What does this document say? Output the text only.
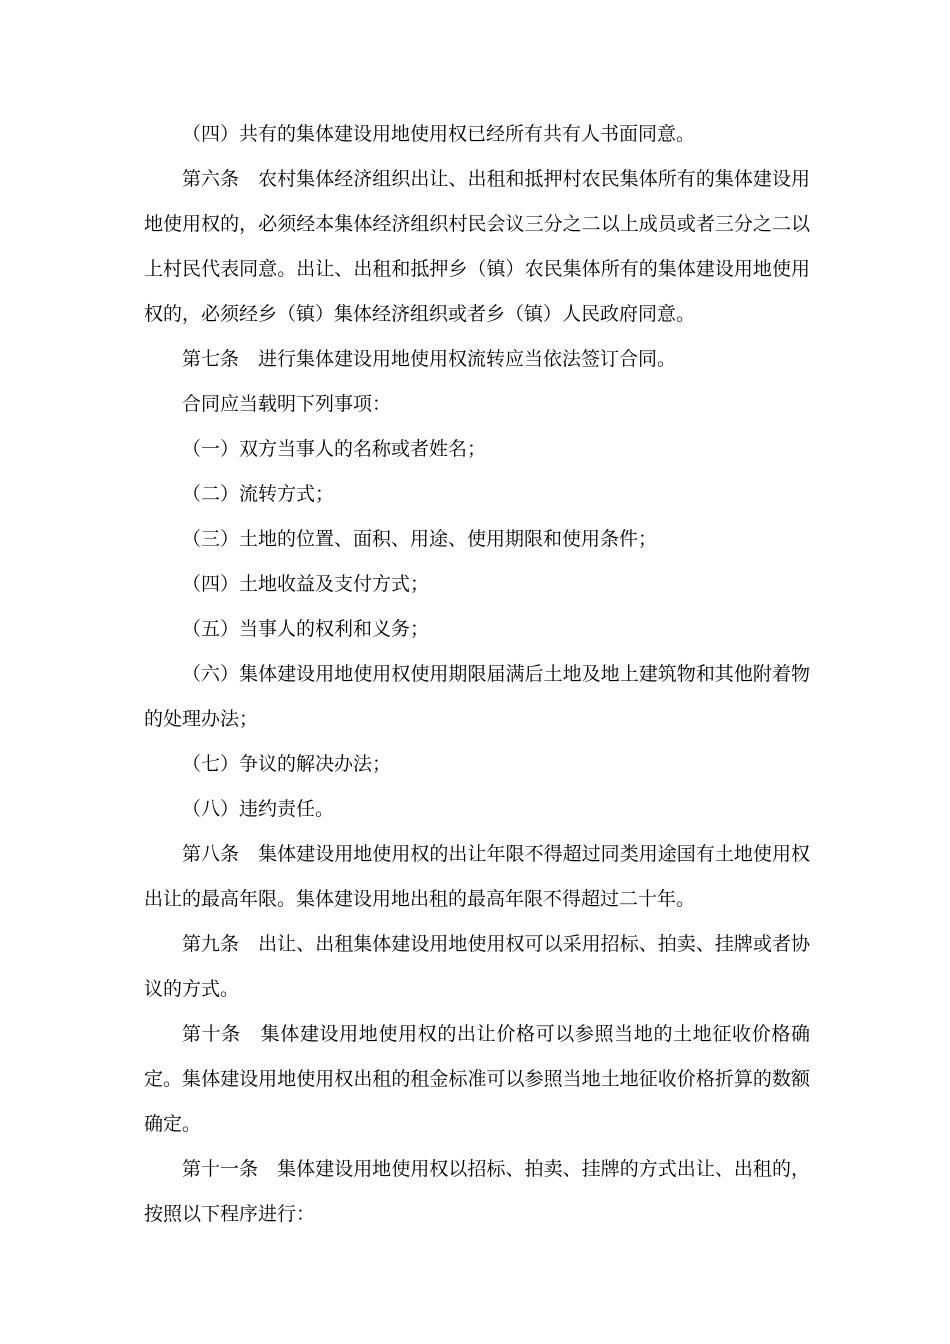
（四）共有的集体建设用地使用权已经所有共有人书面同意。

第六条　农村集体经济组织出让、出租和抵押村农民集体所有的集体建设用地使用权的，必须经本集体经济组织村民会议三分之二以上成员或者三分之二以上村民代表同意。出让、出租和抵押乡（镇）农民集体所有的集体建设用地使用权的，必须经乡（镇）集体经济组织或者乡（镇）人民政府同意。

第七条　进行集体建设用地使用权流转应当依法签订合同。

合同应当载明下列事项：

（一）双方当事人的名称或者姓名；

（二）流转方式；

（三）土地的位置、面积、用途、使用期限和使用条件；

（四）土地收益及支付方式；

（五）当事人的权利和义务；

（六）集体建设用地使用权使用期限届满后土地及地上建筑物和其他附着物的处理办法；

（七）争议的解决办法；

（八）违约责任。

第八条　集体建设用地使用权的出让年限不得超过同类用途国有土地使用权出让的最高年限。集体建设用地出租的最高年限不得超过二十年。

第九条　出让、出租集体建设用地使用权可以采用招标、拍卖、挂牌或者协议的方式。

第十条　集体建设用地使用权的出让价格可以参照当地的土地征收价格确定。集体建设用地使用权出租的租金标准可以参照当地土地征收价格折算的数额确定。

第十一条　集体建设用地使用权以招标、拍卖、挂牌的方式出让、出租的，按照以下程序进行：
